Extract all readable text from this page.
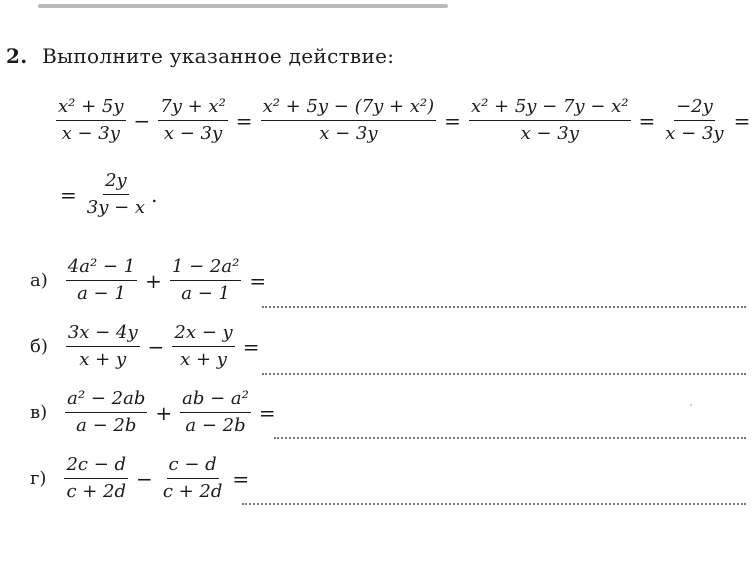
2. Выполните указанное действие:
$\frac{\text{x² + 5y}}{x - 3y} - \frac{\text{7y + x²}}{x - 3y} = \frac{\text{x² + 5y − (7y + x²)}}{x - 3y} = \frac{\text{x² + 5y − 7y − x²}}{x - 3y} = \frac{-2y}{x - 3y}$ =
= $\frac{2y}{3y - x}$ .
$а) \frac{\text{4a² − 1}}{a - 1} + \frac{\text{1 − 2a²}}{a - 1}$ =
$б) \frac{3x - 4y}{x + y} - \frac{2x - y}{x + y}$ =
$в) \frac{\text{a² − 2ab}}{a - 2b} + \frac{\text{ab − a²}}{a - 2b}$ =
$г) \frac{2c - d}{c + 2d} - \frac{c - d}{c + 2d}$ =
